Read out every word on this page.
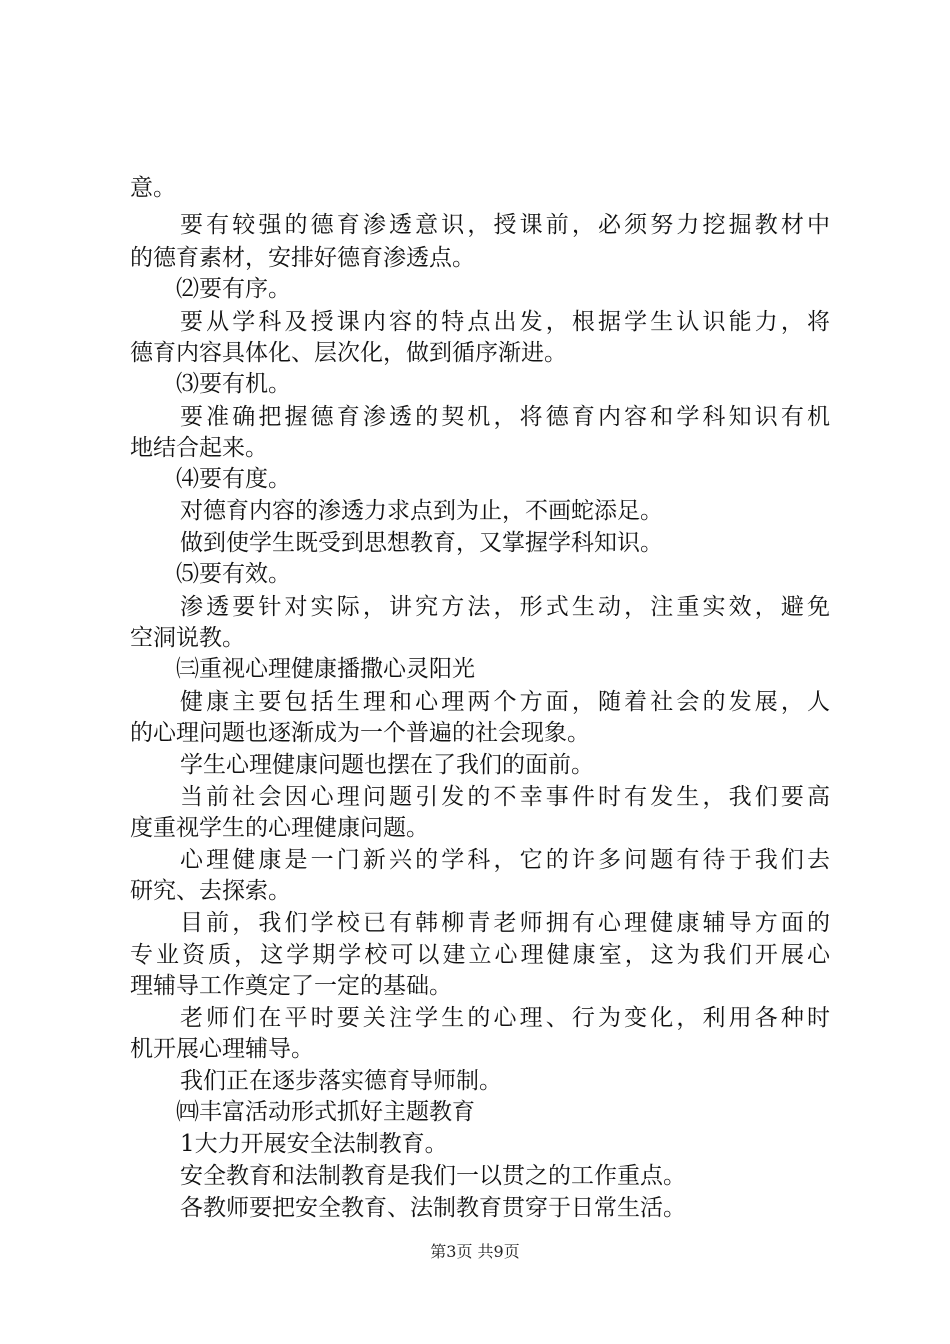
意。
要有较强的德育渗透意识，授课前，必须努力挖掘教材中
的德育素材，安排好德育渗透点。
⑵要有序。
要从学科及授课内容的特点出发，根据学生认识能力，将
德育内容具体化、层次化，做到循序渐进。
⑶要有机。
要准确把握德育渗透的契机，将德育内容和学科知识有机
地结合起来。
⑷要有度。
对德育内容的渗透力求点到为止，不画蛇添足。
做到使学生既受到思想教育，又掌握学科知识。
⑸要有效。
渗透要针对实际，讲究方法，形式生动，注重实效，避免
空洞说教。
㈢重视心理健康播撒心灵阳光
健康主要包括生理和心理两个方面，随着社会的发展，人
的心理问题也逐渐成为一个普遍的社会现象。
学生心理健康问题也摆在了我们的面前。
当前社会因心理问题引发的不幸事件时有发生，我们要高
度重视学生的心理健康问题。
心理健康是一门新兴的学科，它的许多问题有待于我们去
研究、去探索。
目前，我们学校已有韩柳青老师拥有心理健康辅导方面的
专业资质，这学期学校可以建立心理健康室，这为我们开展心
理辅导工作奠定了一定的基础。
老师们在平时要关注学生的心理、行为变化，利用各种时
机开展心理辅导。
我们正在逐步落实德育导师制。
㈣丰富活动形式抓好主题教育
1大力开展安全法制教育。
安全教育和法制教育是我们一以贯之的工作重点。
各教师要把安全教育、法制教育贯穿于日常生活。
第3页 共9页
